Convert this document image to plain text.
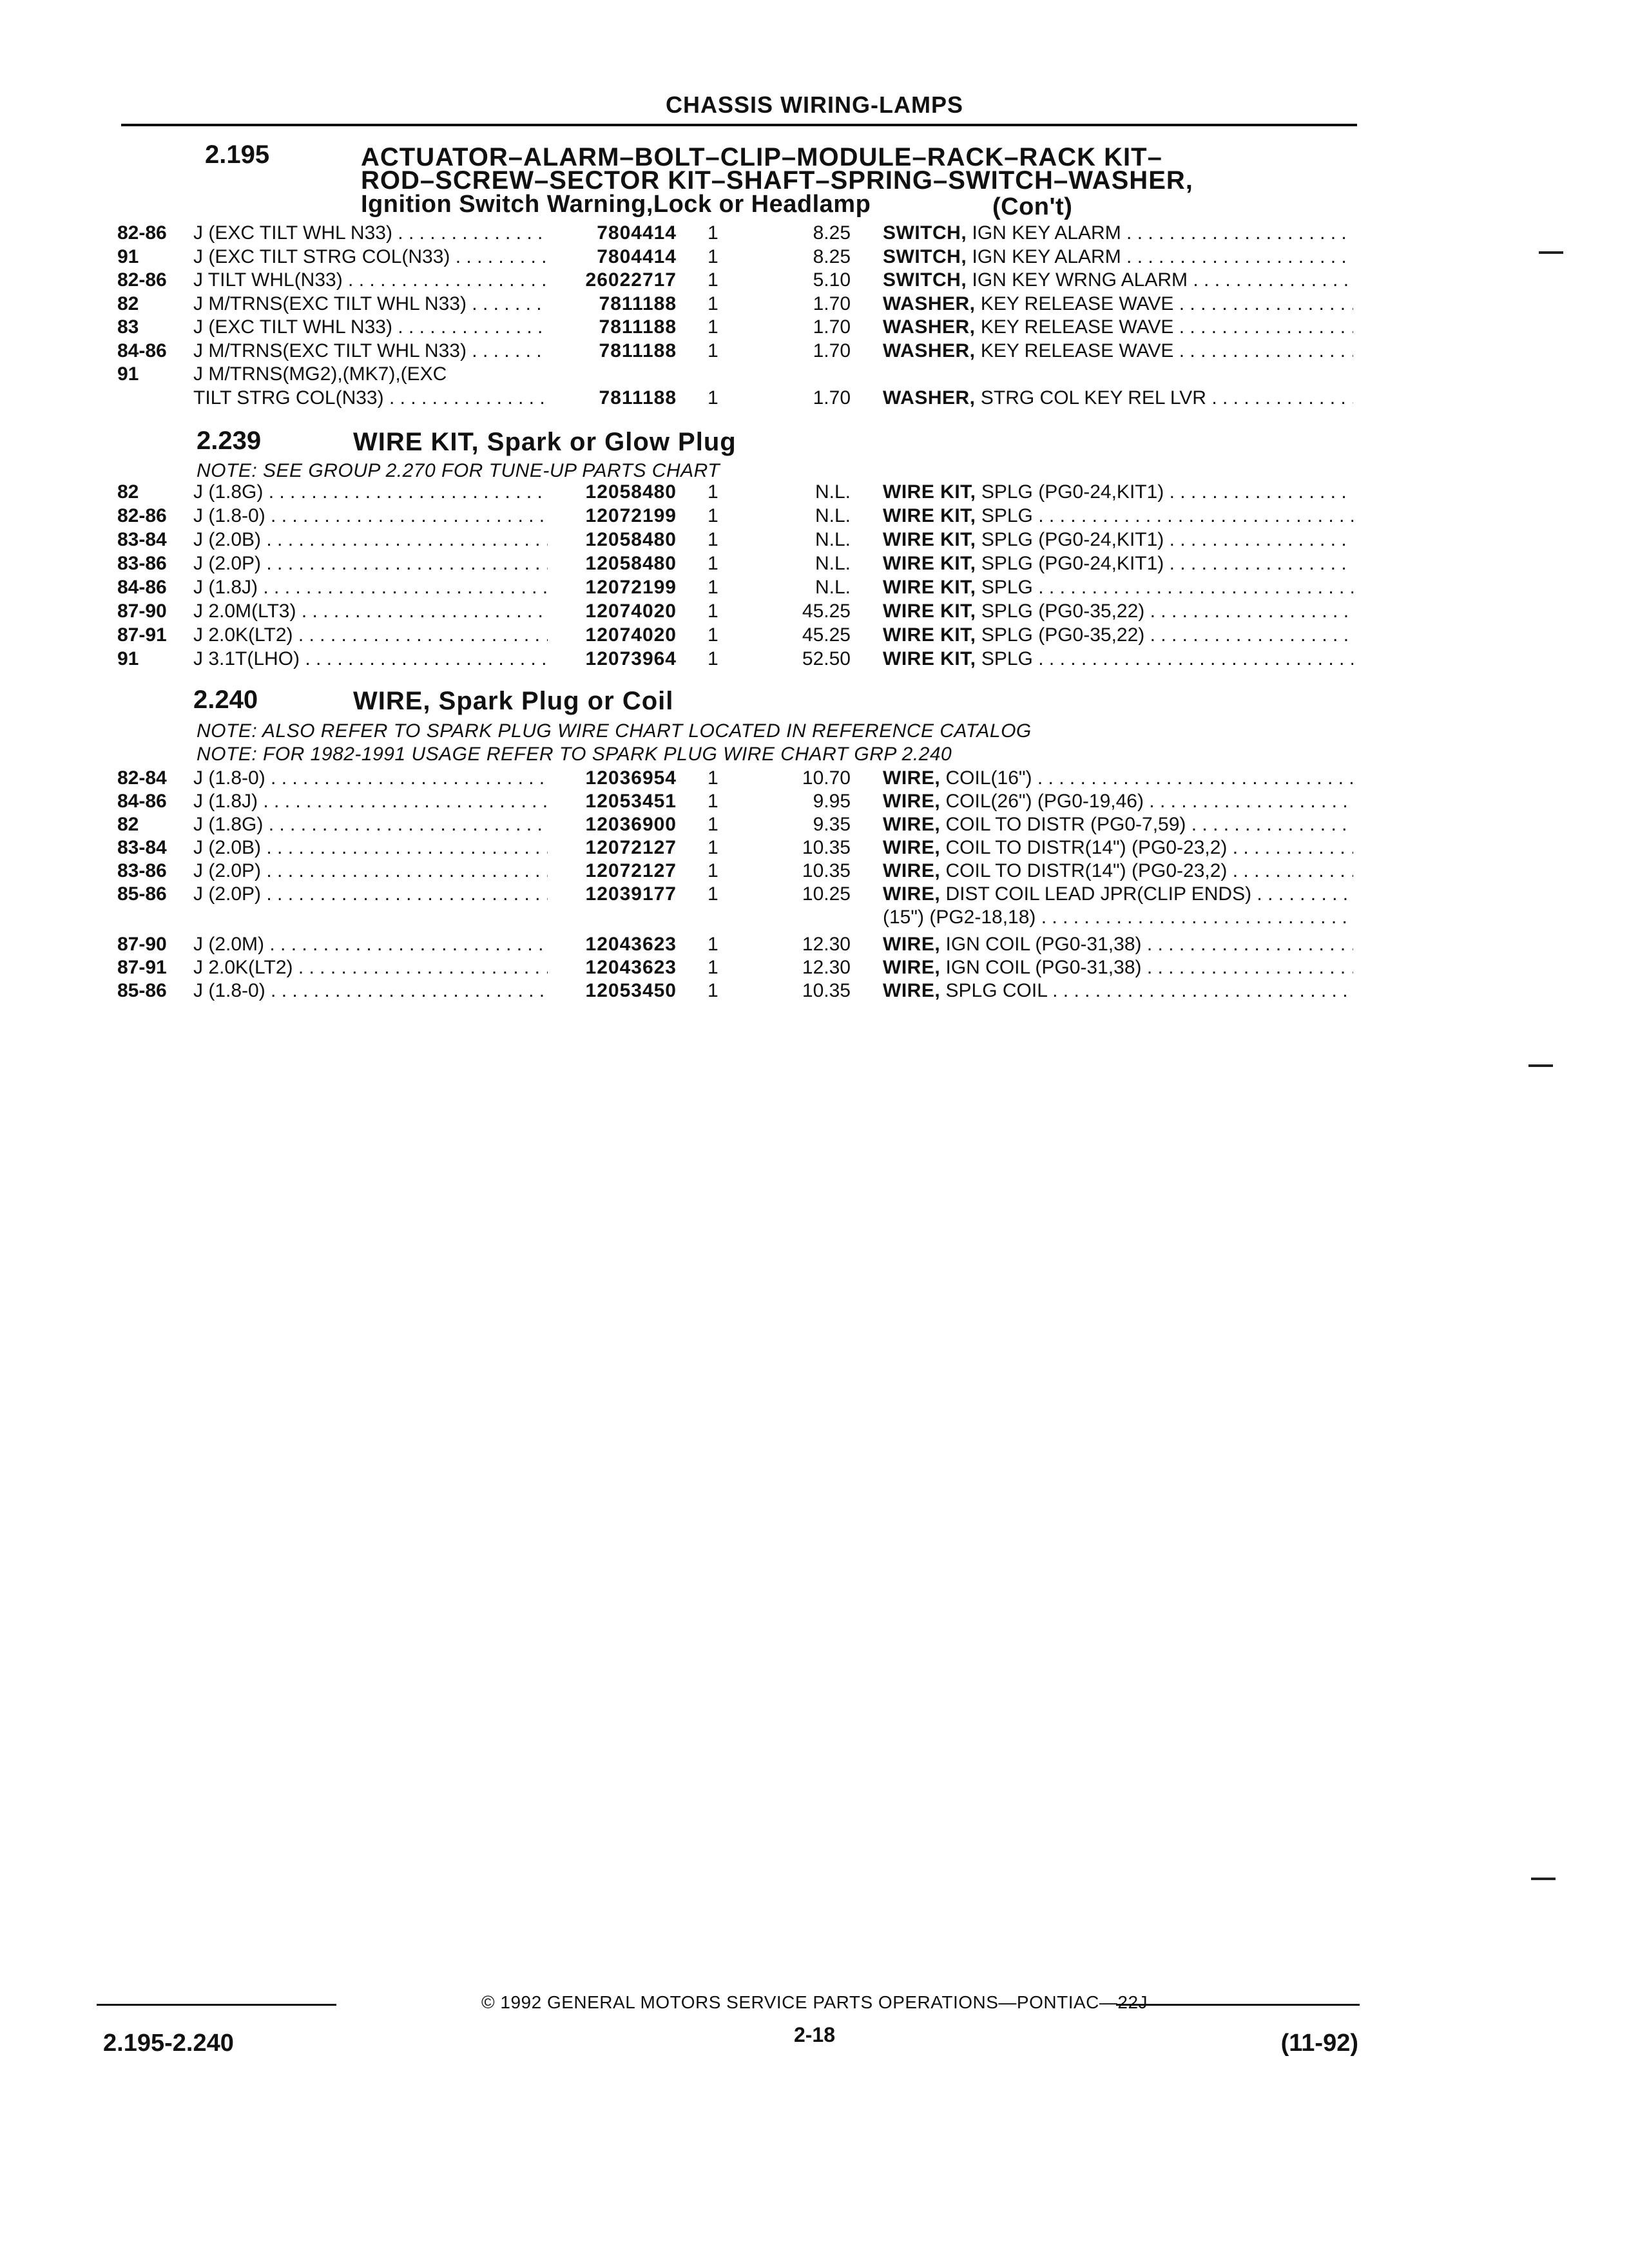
CHASSIS WIRING-LAMPS
2.195	ACTUATOR–ALARM–BOLT–CLIP–MODULE–RACK–RACK KIT–
ROD–SCREW–SECTOR KIT–SHAFT–SPRING–SWITCH–WASHER,
Ignition Switch Warning,Lock or Headlamp	(Con't)
82-86 J (EXC TILT WHL N33) . . .	7804414 1	8.25 SWITCH, IGN KEY ALARM . . .
91	J (EXC TILT STRG COL(N33) . . .	7804414 1	8.25 SWITCH, IGN KEY ALARM . . .
82-86 J TILT WHL(N33) . . .	26022717 1	5.10 SWITCH, IGN KEY WRNG ALARM . . .
82	J M/TRNS(EXC TILT WHL N33) . . .	7811188 1	1.70 WASHER, KEY RELEASE WAVE . . .
83	J (EXC TILT WHL N33) . . .	7811188 1	1.70 WASHER, KEY RELEASE WAVE . . .
84-86 J M/TRNS(EXC TILT WHL N33) . . .	7811188 1	1.70 WASHER, KEY RELEASE WAVE . . .
91	J M/TRNS(MG2),(MK7),(EXC
TILT STRG COL(N33) . . .	7811188 1	1.70 WASHER, STRG COL KEY REL LVR . . .
2.239	WIRE KIT, Spark or Glow Plug
NOTE: SEE GROUP 2.270 FOR TUNE-UP PARTS CHART
82	J (1.8G) . . .	12058480 1	N.L. WIRE KIT, SPLG (PG0-24,KIT1) . . .
82-86 J (1.8-0) . . .	12072199 1	N.L. WIRE KIT, SPLG . . .
83-84 J (2.0B) . . .	12058480 1	N.L. WIRE KIT, SPLG (PG0-24,KIT1) . . .
83-86 J (2.0P) . . .	12058480 1	N.L. WIRE KIT, SPLG (PG0-24,KIT1) . . .
84-86 J (1.8J) . . .	12072199 1	N.L. WIRE KIT, SPLG . . .
87-90 J 2.0M(LT3) . . .	12074020 1	45.25 WIRE KIT, SPLG (PG0-35,22) . . .
87-91 J 2.0K(LT2) . . .	12074020 1	45.25 WIRE KIT, SPLG (PG0-35,22) . . .
91	J 3.1T(LHO) . . .	12073964 1	52.50 WIRE KIT, SPLG . . .
2.240	WIRE, Spark Plug or Coil
NOTE: ALSO REFER TO SPARK PLUG WIRE CHART LOCATED IN REFERENCE CATALOG
NOTE: FOR 1982-1991 USAGE REFER TO SPARK PLUG WIRE CHART GRP 2.240
82-84 J (1.8-0) . . .	12036954 1	10.70 WIRE, COIL(16") . . .
84-86 J (1.8J) . . .	12053451 1	9.95 WIRE, COIL(26") (PG0-19,46) . . .
82	J (1.8G) . . .	12036900 1	9.35 WIRE, COIL TO DISTR (PG0-7,59) . . .
83-84 J (2.0B) . . .	12072127 1	10.35 WIRE, COIL TO DISTR(14") (PG0-23,2) . . .
83-86 J (2.0P) . . .	12072127 1	10.35 WIRE, COIL TO DISTR(14") (PG0-23,2) . . .
85-86 J (2.0P) . . .	12039177 1	10.25 WIRE, DIST COIL LEAD JPR(CLIP ENDS) . . .
(15") (PG2-18,18) . . .
87-90 J (2.0M) . . .	12043623 1	12.30 WIRE, IGN COIL (PG0-31,38) . . .
87-91 J 2.0K(LT2) . . .	12043623 1	12.30 WIRE, IGN COIL (PG0-31,38) . . .
85-86 J (1.8-0) . . .	12053450 1	10.35 WIRE, SPLG COIL . . .
© 1992 GENERAL MOTORS SERVICE PARTS OPERATIONS—PONTIAC—22J
2.195-2.240	2-18	(11-92)
